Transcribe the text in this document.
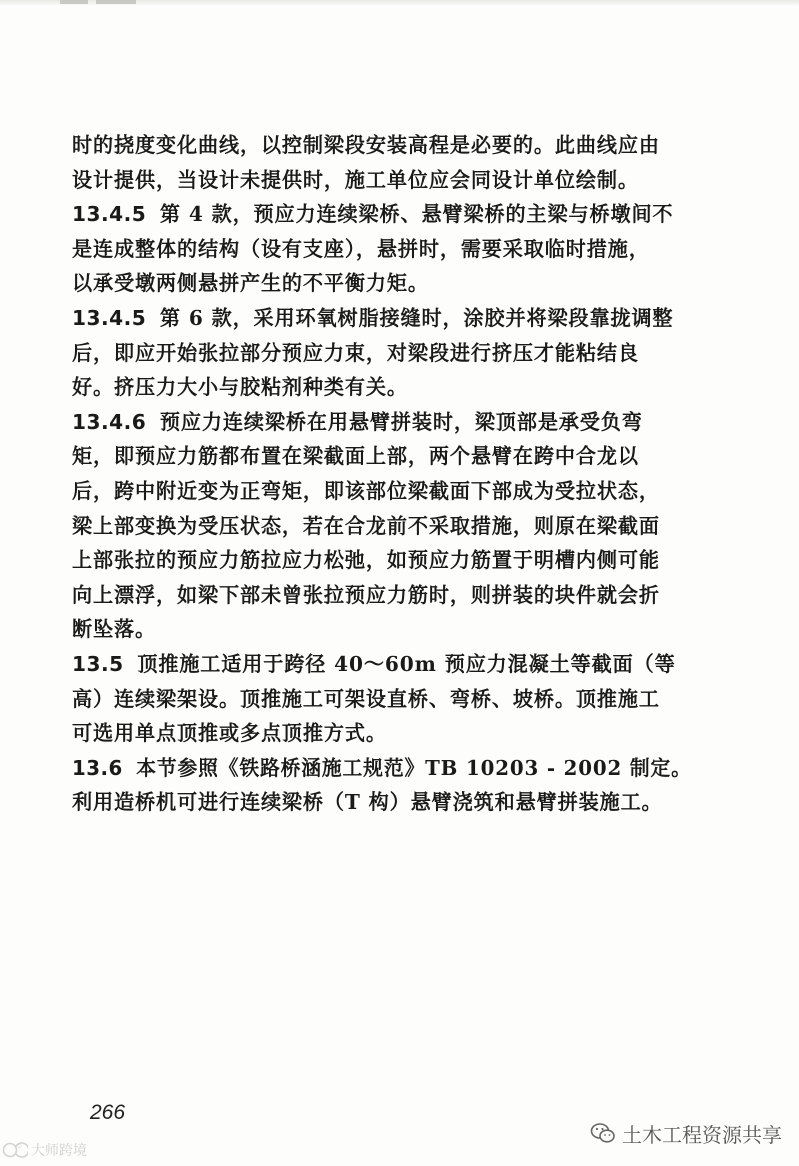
时的挠度变化曲线，以控制梁段安装高程是必要的。此曲线应由
设计提供，当设计未提供时，施工单位应会同设计单位绘制。
13.4.5 第 4 款，预应力连续梁桥、悬臂梁桥的主梁与桥墩间不
是连成整体的结构（设有支座），悬拼时，需要采取临时措施，
以承受墩两侧悬拼产生的不平衡力矩。
13.4.5 第 6 款，采用环氧树脂接缝时，涂胶并将梁段靠拢调整
后，即应开始张拉部分预应力束，对梁段进行挤压才能粘结良
好。挤压力大小与胶粘剂种类有关。
13.4.6 预应力连续梁桥在用悬臂拼装时，梁顶部是承受负弯
矩，即预应力筋都布置在梁截面上部，两个悬臂在跨中合龙以
后，跨中附近变为正弯矩，即该部位梁截面下部成为受拉状态，
梁上部变换为受压状态，若在合龙前不采取措施，则原在梁截面
上部张拉的预应力筋拉应力松弛，如预应力筋置于明槽内侧可能
向上漂浮，如梁下部未曾张拉预应力筋时，则拼装的块件就会折
断坠落。
13.5 顶推施工适用于跨径 40～60m 预应力混凝土等截面（等
高）连续梁架设。顶推施工可架设直桥、弯桥、坡桥。顶推施工
可选用单点顶推或多点顶推方式。
13.6 本节参照《铁路桥涵施工规范》TB 10203 - 2002 制定。
利用造桥机可进行连续梁桥（T 构）悬臂浇筑和悬臂拼装施工。
266
⊙ 大师跨境
土木工程资源共享
